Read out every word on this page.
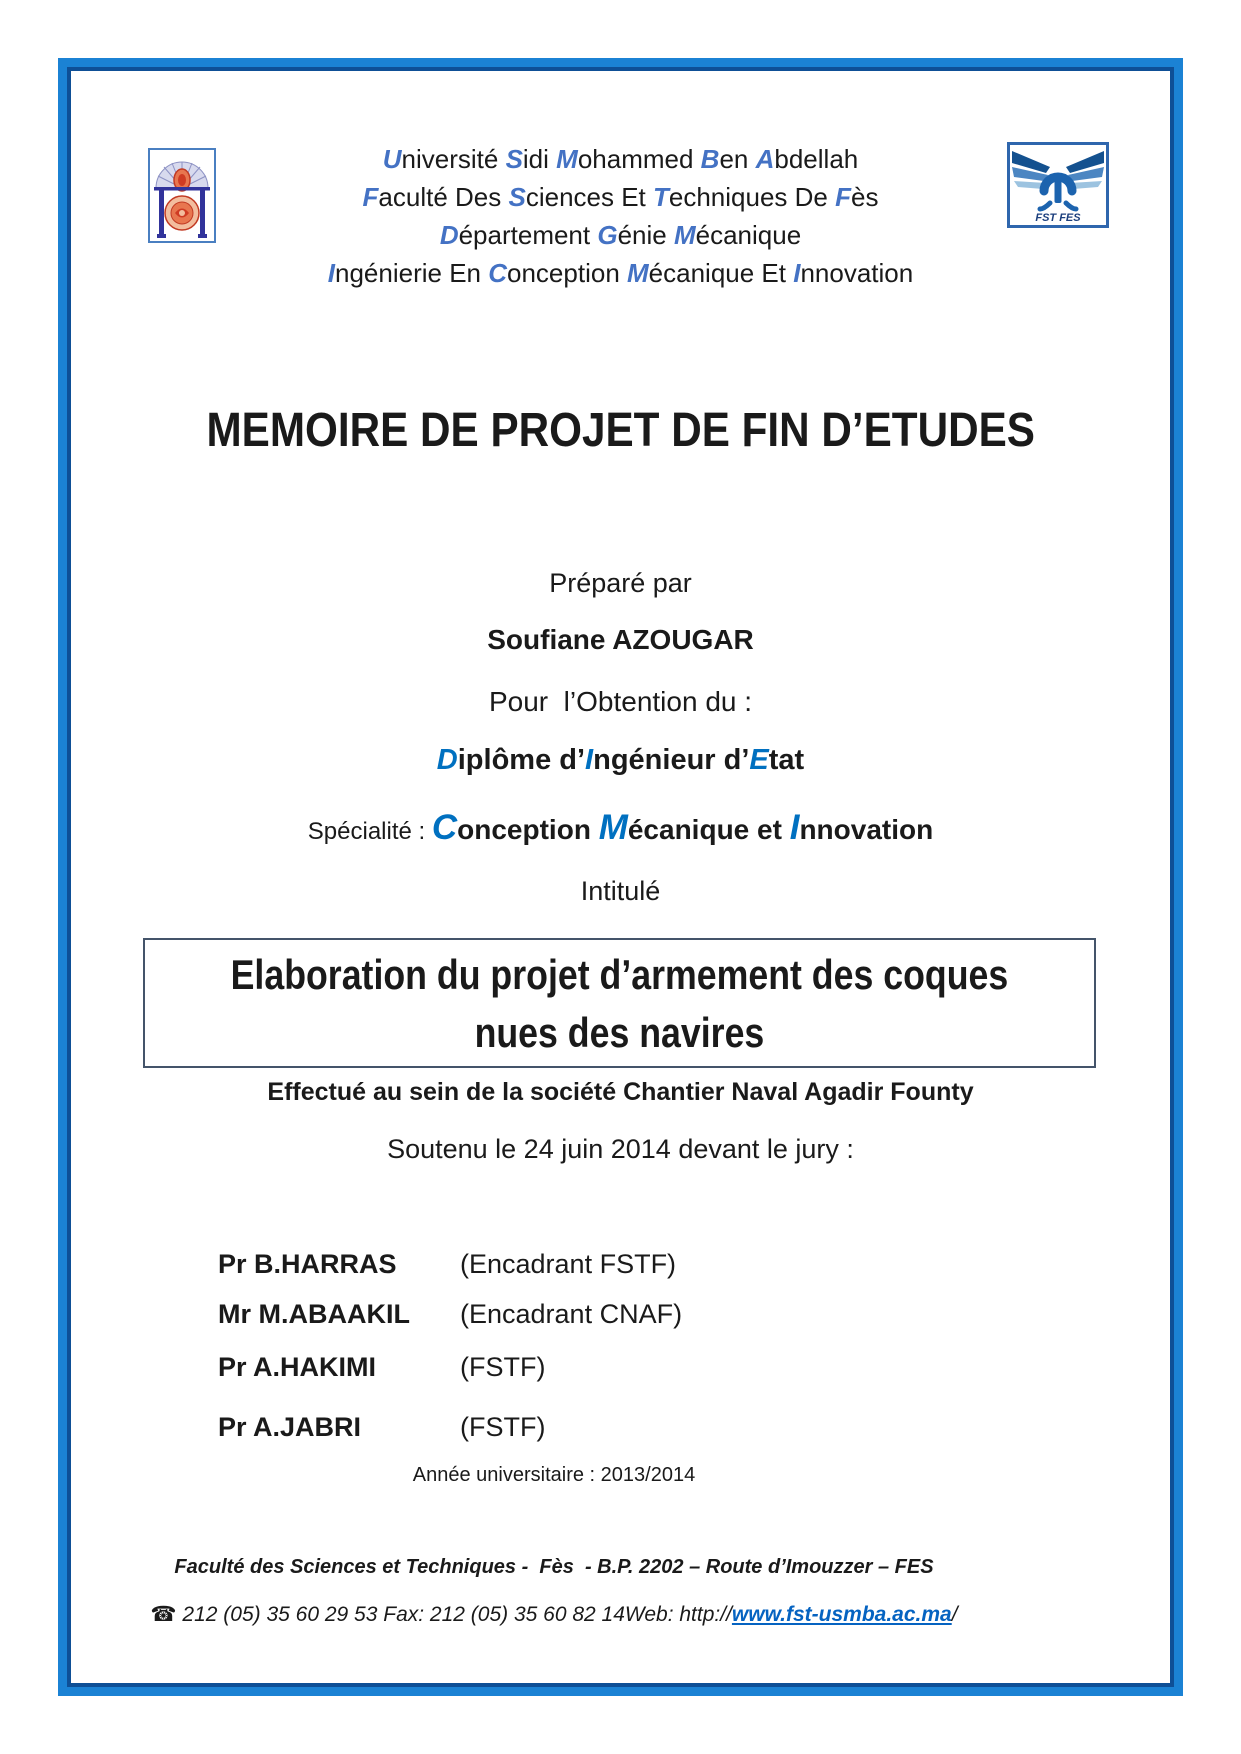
FST FES
Université Sidi Mohammed Ben Abdellah
Faculté Des Sciences Et Techniques De Fès
Département Génie Mécanique
Ingénierie En Conception Mécanique Et Innovation
MEMOIRE DE PROJET DE FIN D’ETUDES
Préparé par
Soufiane AZOUGAR
Pour  l’Obtention du :
Diplôme d’Ingénieur d’Etat
Spécialité : Conception Mécanique et Innovation
Intitulé
Elaboration du projet d’armement des coques
nues des navires
Effectué au sein de la société Chantier Naval Agadir Founty
Soutenu le 24 juin 2014 devant le jury :
Pr B.HARRAS (Encadrant FSTF)
Mr M.ABAAKIL (Encadrant CNAF)
Pr A.HAKIMI	(FSTF)
Pr A.JABRI	(FSTF)
Année universitaire : 2013/2014
Faculté des Sciences et Techniques -  Fès  - B.P. 2202 – Route d’Imouzzer – FES
☎ 212 (05) 35 60 29 53 Fax: 212 (05) 35 60 82 14Web: http://www.fst-usmba.ac.ma/
